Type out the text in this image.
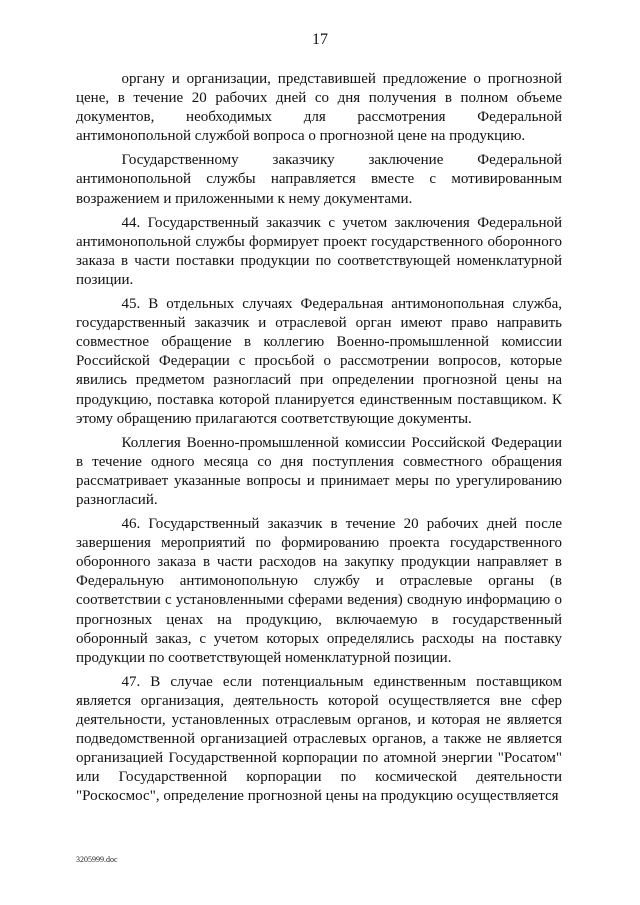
17

органу и организации, представившей предложение о прогнозной цене, в течение 20 рабочих дней со дня получения в полном объеме документов, необходимых для рассмотрения Федеральной антимонопольной службой вопроса о прогнозной цене на продукцию.

Государственному заказчику заключение Федеральной антимонопольной службы направляется вместе с мотивированным возражением и приложенными к нему документами.

44. Государственный заказчик с учетом заключения Федеральной антимонопольной службы формирует проект государственного оборонного заказа в части поставки продукции по соответствующей номенклатурной позиции.

45. В отдельных случаях Федеральная антимонопольная служба, государственный заказчик и отраслевой орган имеют право направить совместное обращение в коллегию Военно-промышленной комиссии Российской Федерации с просьбой о рассмотрении вопросов, которые явились предметом разногласий при определении прогнозной цены на продукцию, поставка которой планируется единственным поставщиком. К этому обращению прилагаются соответствующие документы.

Коллегия Военно-промышленной комиссии Российской Федерации в течение одного месяца со дня поступления совместного обращения рассматривает указанные вопросы и принимает меры по урегулированию разногласий.

46. Государственный заказчик в течение 20 рабочих дней после завершения мероприятий по формированию проекта государственного оборонного заказа в части расходов на закупку продукции направляет в Федеральную антимонопольную службу и отраслевые органы (в соответствии с установленными сферами ведения) сводную информацию о прогнозных ценах на продукцию, включаемую в государственный оборонный заказ, с учетом которых определялись расходы на поставку продукции по соответствующей номенклатурной позиции.

47. В случае если потенциальным единственным поставщиком является организация, деятельность которой осуществляется вне сфер деятельности, установленных отраслевым органов, и которая не является подведомственной организацией отраслевых органов, а также не является организацией Государственной корпорации по атомной энергии "Росатом" или Государственной корпорации по космической деятельности "Роскосмос", определение прогнозной цены на продукцию осуществляется

3205999.doc
